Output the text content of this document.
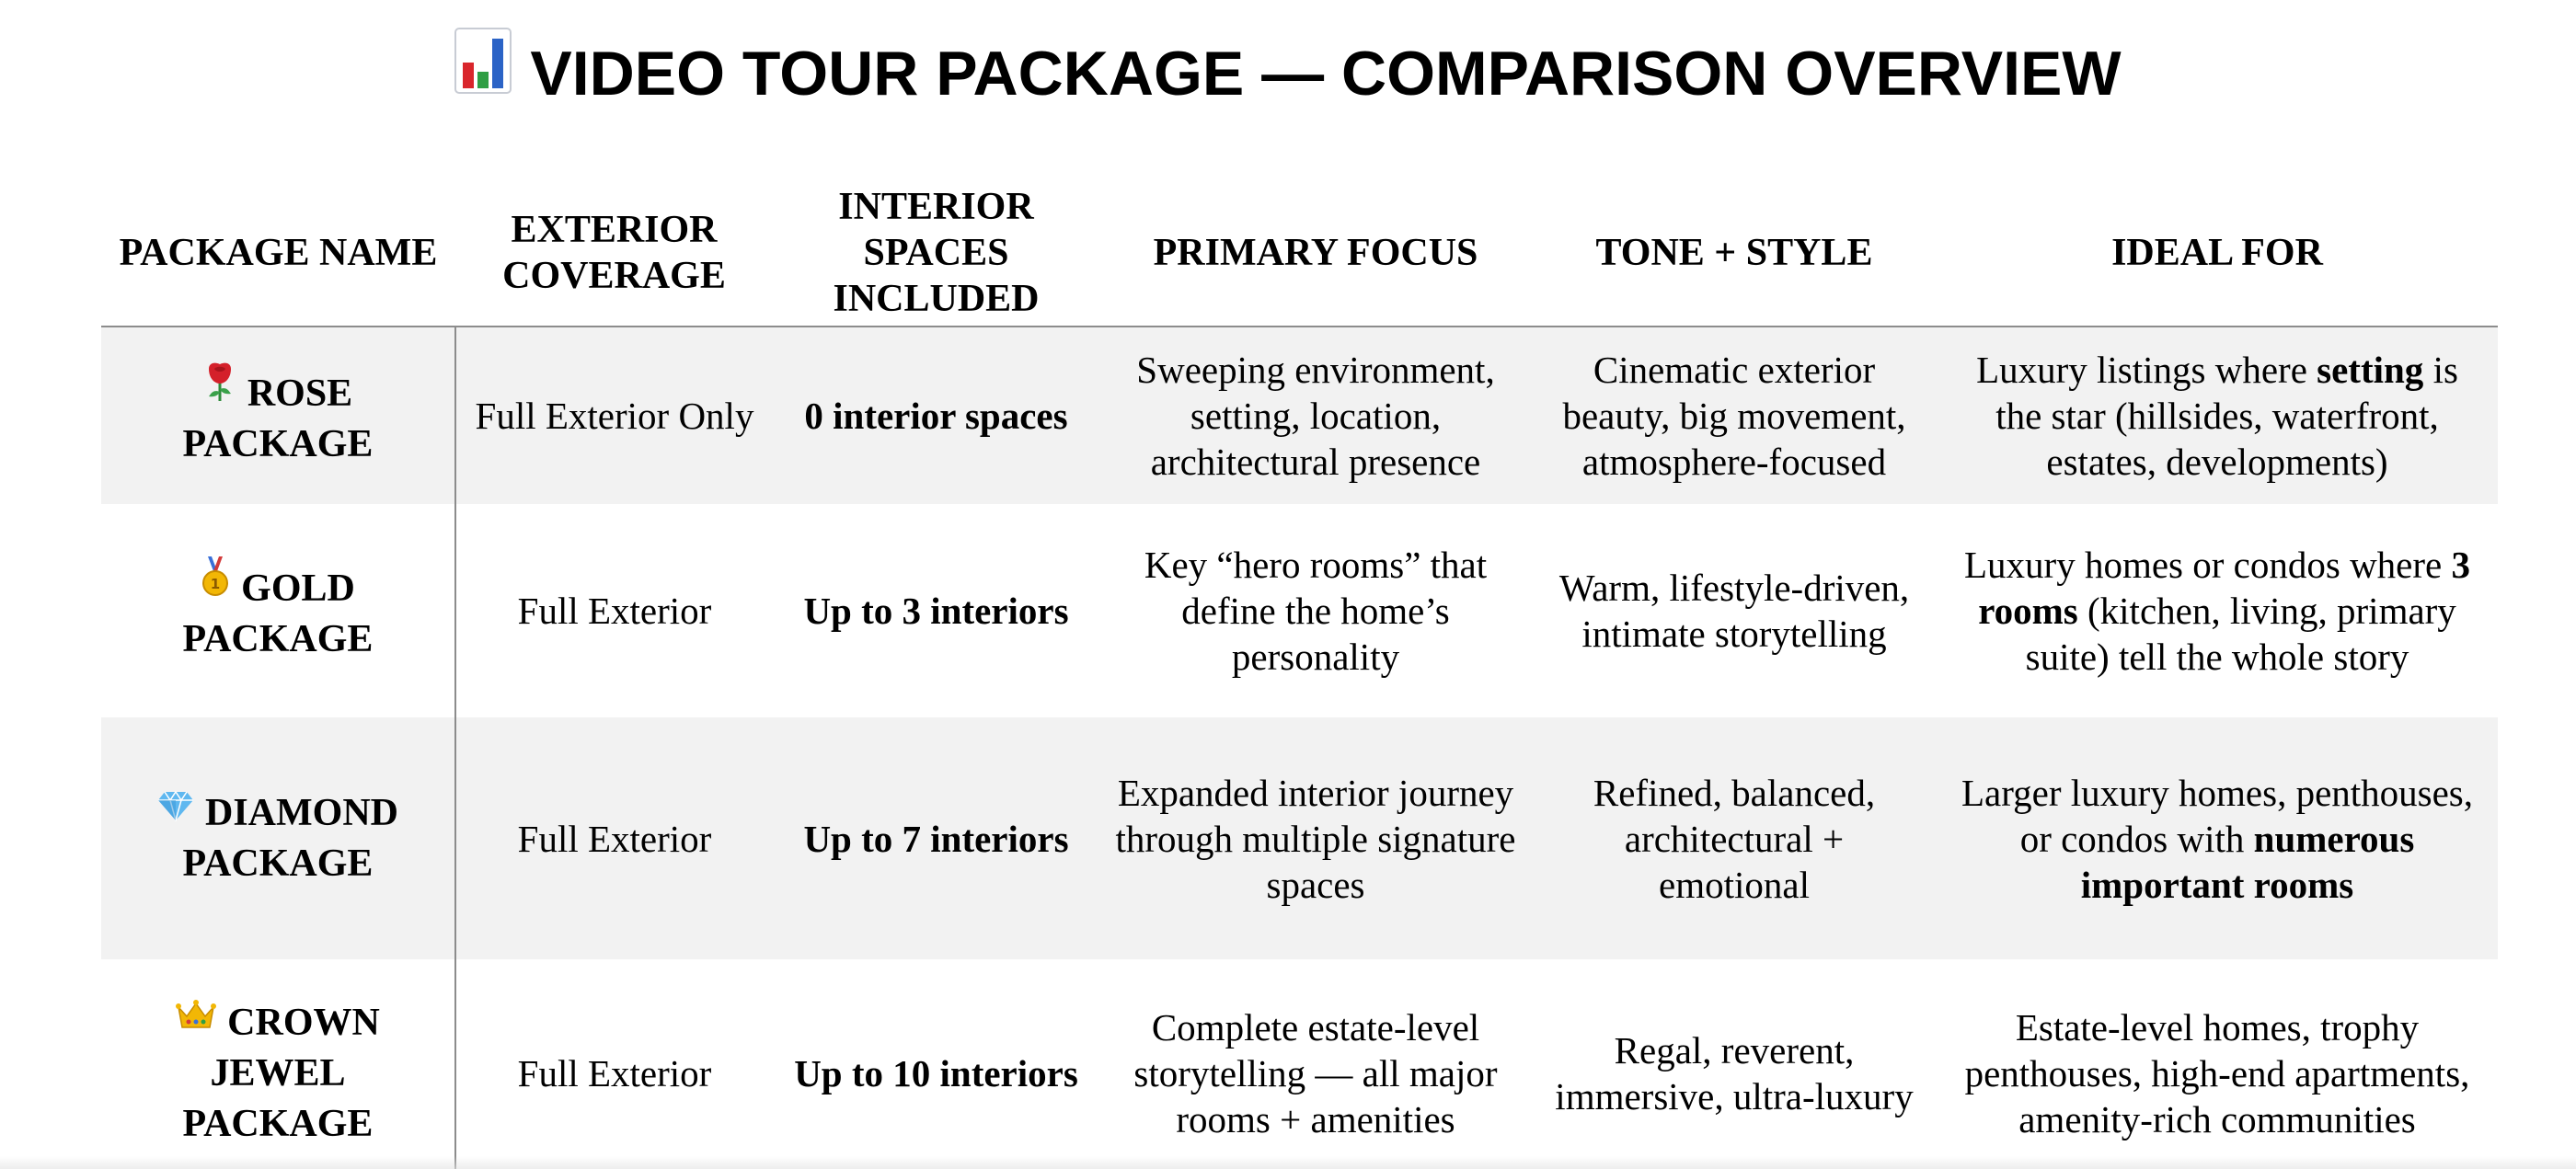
VIDEO TOUR PACKAGE — COMPARISON OVERVIEW
PACKAGE NAME	EXTERIOR COVERAGE	INTERIOR SPACES INCLUDED	PRIMARY FOCUS	TONE + STYLE	IDEAL FOR

ROSE PACKAGE	Full Exterior Only	0 interior spaces	Sweeping environment, setting, location, architectural presence	Cinematic exterior beauty, big movement, atmosphere-focused	Luxury listings where setting is the star (hillsides, waterfront, estates, developments)

1 GOLD PACKAGE	Full Exterior	Up to 3 interiors	Key “hero rooms” that define the home’s personality	Warm, lifestyle-driven, intimate storytelling	Luxury homes or condos where 3 rooms (kitchen, living, primary suite) tell the whole story

DIAMOND PACKAGE	Full Exterior	Up to 7 interiors	Expanded interior journey through multiple signature spaces	Refined, balanced, architectural + emotional	Larger luxury homes, penthouses, or condos with numerous important rooms

CROWN JEWEL PACKAGE	Full Exterior	Up to 10 interiors	Complete estate-level storytelling — all major rooms + amenities	Regal, reverent, immersive, ultra-luxury	Estate-level homes, trophy penthouses, high-end apartments, amenity-rich communities
